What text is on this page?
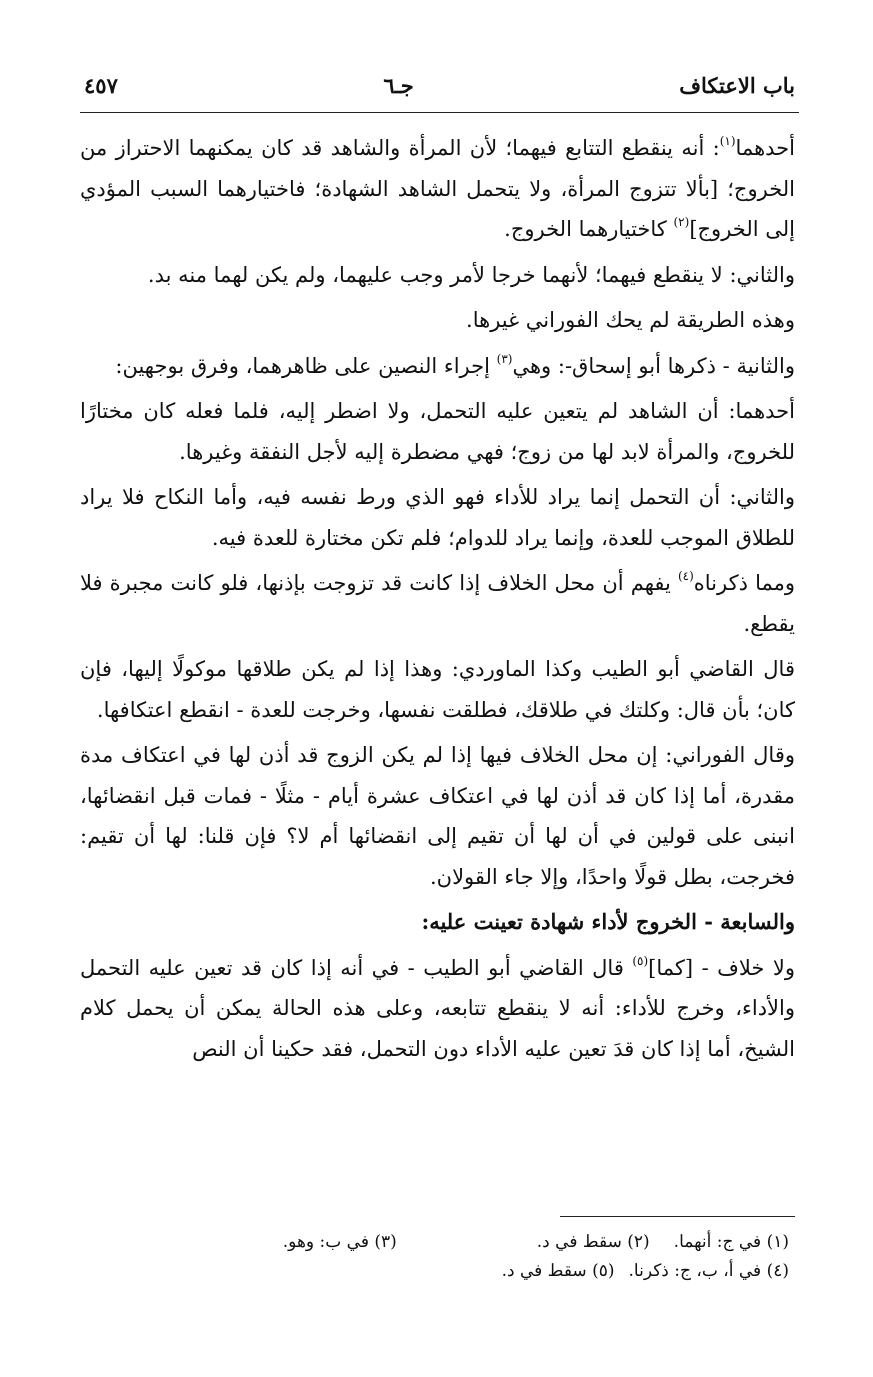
باب الاعتكاف
جـ٦
٤٥٧

أحدهما$^{(١)}$: أنه ينقطع التتابع فيهما؛ لأن المرأة والشاهد قد كان يمكنهما الاحتراز من الخروج؛ [بألا تتزوج المرأة، ولا يتحمل الشاهد الشهادة؛ فاختيارهما السبب المؤدي إلى الخروج]$^{(٢)}$ كاختيارهما الخروج.

والثاني: لا ينقطع فيهما؛ لأنهما خرجا لأمر وجب عليهما، ولم يكن لهما منه بد.

وهذه الطريقة لم يحك الفوراني غيرها.

والثانية - ذكرها أبو إسحاق-: وهي$^{(٣)}$ إجراء النصين على ظاهرهما، وفرق بوجهين:

أحدهما: أن الشاهد لم يتعين عليه التحمل، ولا اضطر إليه، فلما فعله كان مختارًا للخروج، والمرأة لابد لها من زوج؛ فهي مضطرة إليه لأجل النفقة وغيرها.

والثاني: أن التحمل إنما يراد للأداء فهو الذي ورط نفسه فيه، وأما النكاح فلا يراد للطلاق الموجب للعدة، وإنما يراد للدوام؛ فلم تكن مختارة للعدة فيه.

ومما ذكرناه$^{(٤)}$ يفهم أن محل الخلاف إذا كانت قد تزوجت بإذنها، فلو كانت مجبرة فلا يقطع.

قال القاضي أبو الطيب وكذا الماوردي: وهذا إذا لم يكن طلاقها موكولًا إليها، فإن كان؛ بأن قال: وكلتك في طلاقك، فطلقت نفسها، وخرجت للعدة - انقطع اعتكافها.

وقال الفوراني: إن محل الخلاف فيها إذا لم يكن الزوج قد أذن لها في اعتكاف مدة مقدرة، أما إذا كان قد أذن لها في اعتكاف عشرة أيام - مثلًا - فمات قبل انقضائها، انبنى على قولين في أن لها أن تقيم إلى انقضائها أم لا؟ فإن قلنا: لها أن تقيم: فخرجت، بطل قولًا واحدًا، وإلا جاء القولان.

والسابعة - الخروج لأداء شهادة تعينت عليه:

ولا خلاف - [كما]$^{(٥)}$ قال القاضي أبو الطيب - في أنه إذا كان قد تعين عليه التحمل والأداء، وخرج للأداء: أنه لا ينقطع تتابعه، وعلى هذه الحالة يمكن أن يحمل كلام الشيخ، أما إذا كان قدَ تعين عليه الأداء دون التحمل، فقد حكينا أن النص

(١) في ج: أنهما.
(٢) سقط في د.
(٣) في ب: وهو.
(٤) في أ، ب، ج: ذكرنا.
(٥) سقط في د.
